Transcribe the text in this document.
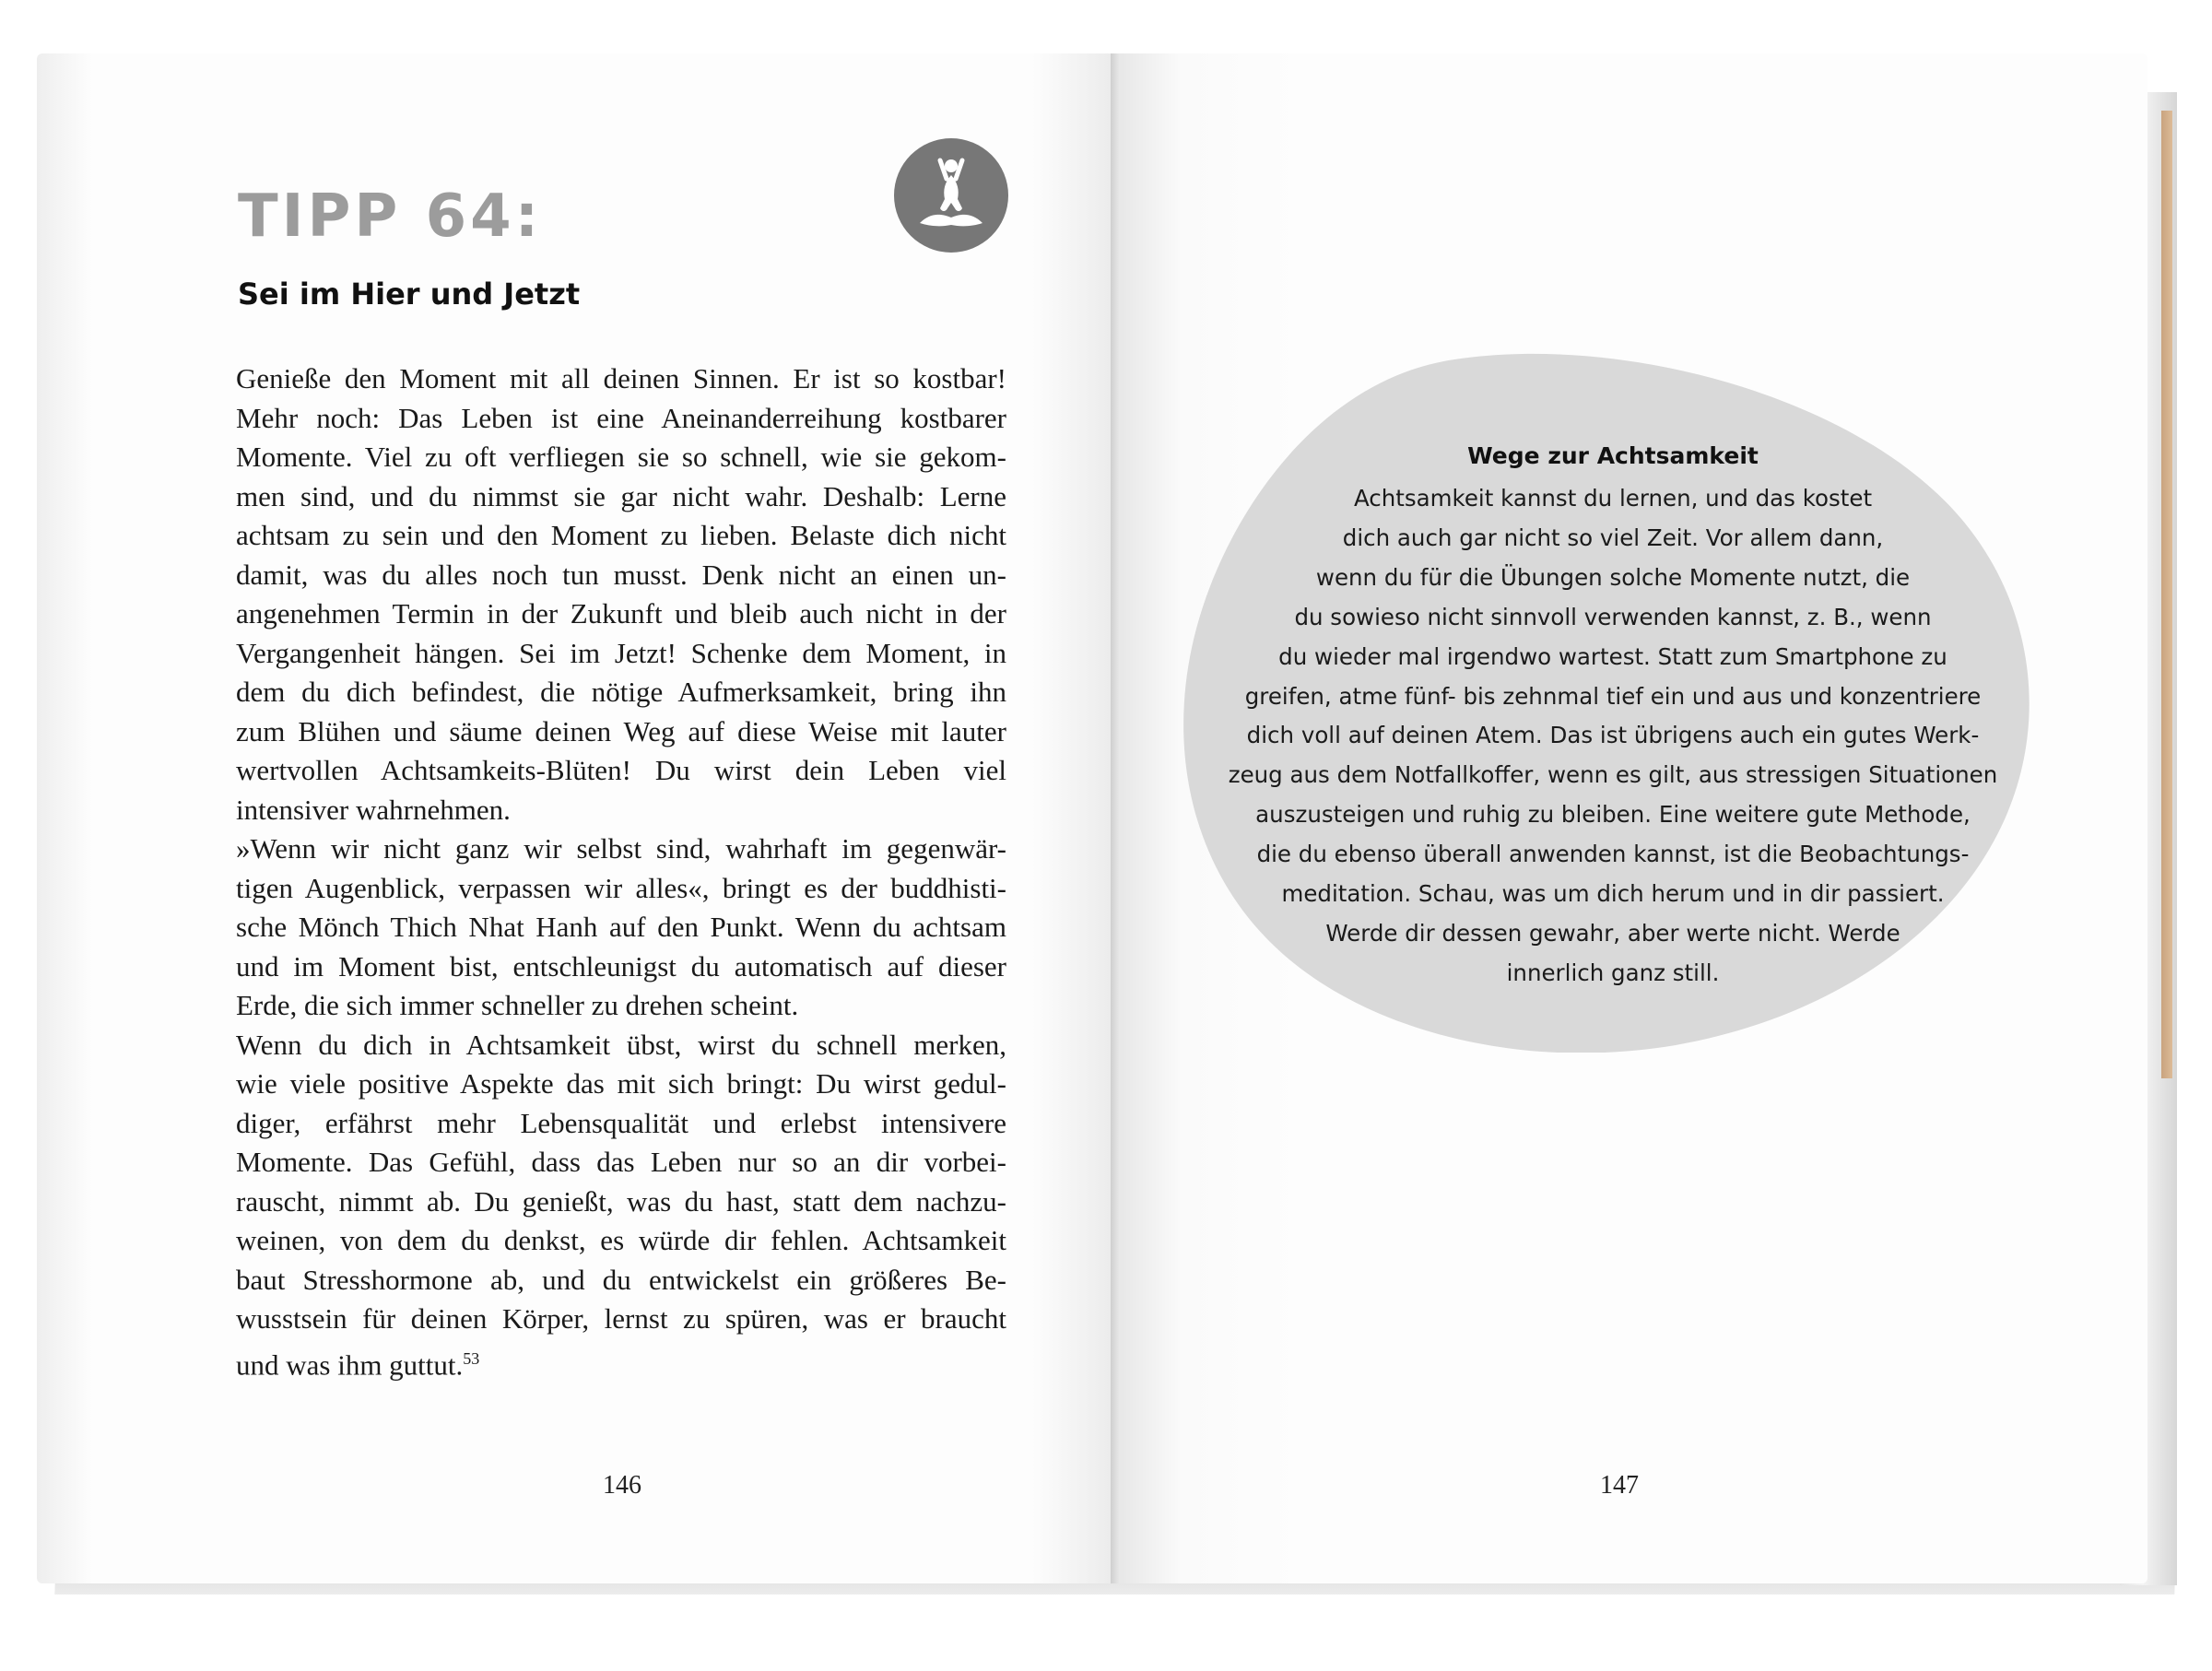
TIPP 64:
Sei im Hier und Jetzt
Genieße den Moment mit all deinen Sinnen. Er ist so kostbar!
Mehr noch: Das Leben ist eine Aneinanderreihung kostbarer
Momente. Viel zu oft verfliegen sie so schnell, wie sie gekom-
men sind, und du nimmst sie gar nicht wahr. Deshalb: Lerne
achtsam zu sein und den Moment zu lieben. Belaste dich nicht
damit, was du alles noch tun musst. Denk nicht an einen un-
angenehmen Termin in der Zukunft und bleib auch nicht in der
Vergangenheit hängen. Sei im Jetzt! Schenke dem Moment, in
dem du dich befindest, die nötige Aufmerksamkeit, bring ihn
zum Blühen und säume deinen Weg auf diese Weise mit lauter
wertvollen Achtsamkeits-Blüten! Du wirst dein Leben viel
intensiver wahrnehmen.
»Wenn wir nicht ganz wir selbst sind, wahrhaft im gegenwär-
tigen Augenblick, verpassen wir alles«, bringt es der buddhisti-
sche Mönch Thich Nhat Hanh auf den Punkt. Wenn du achtsam
und im Moment bist, entschleunigst du automatisch auf dieser
Erde, die sich immer schneller zu drehen scheint.
Wenn du dich in Achtsamkeit übst, wirst du schnell merken,
wie viele positive Aspekte das mit sich bringt: Du wirst gedul-
diger, erfährst mehr Lebensqualität und erlebst intensivere
Momente. Das Gefühl, dass das Leben nur so an dir vorbei-
rauscht, nimmt ab. Du genießt, was du hast, statt dem nachzu-
weinen, von dem du denkst, es würde dir fehlen. Achtsamkeit
baut Stresshormone ab, und du entwickelst ein größeres Be-
wusstsein für deinen Körper, lernst zu spüren, was er braucht
und was ihm guttut.$^{53}$
146
Wege zur Achtsamkeit
Achtsamkeit kannst du lernen, und das kostet
dich auch gar nicht so viel Zeit. Vor allem dann,
wenn du für die Übungen solche Momente nutzt, die
du sowieso nicht sinnvoll verwenden kannst, z. B., wenn
du wieder mal irgendwo wartest. Statt zum Smartphone zu
greifen, atme fünf- bis zehnmal tief ein und aus und konzentriere
dich voll auf deinen Atem. Das ist übrigens auch ein gutes Werk-
zeug aus dem Notfallkoffer, wenn es gilt, aus stressigen Situationen
auszusteigen und ruhig zu bleiben. Eine weitere gute Methode,
die du ebenso überall anwenden kannst, ist die Beobachtungs-
meditation. Schau, was um dich herum und in dir passiert.
Werde dir dessen gewahr, aber werte nicht. Werde
innerlich ganz still.
147
